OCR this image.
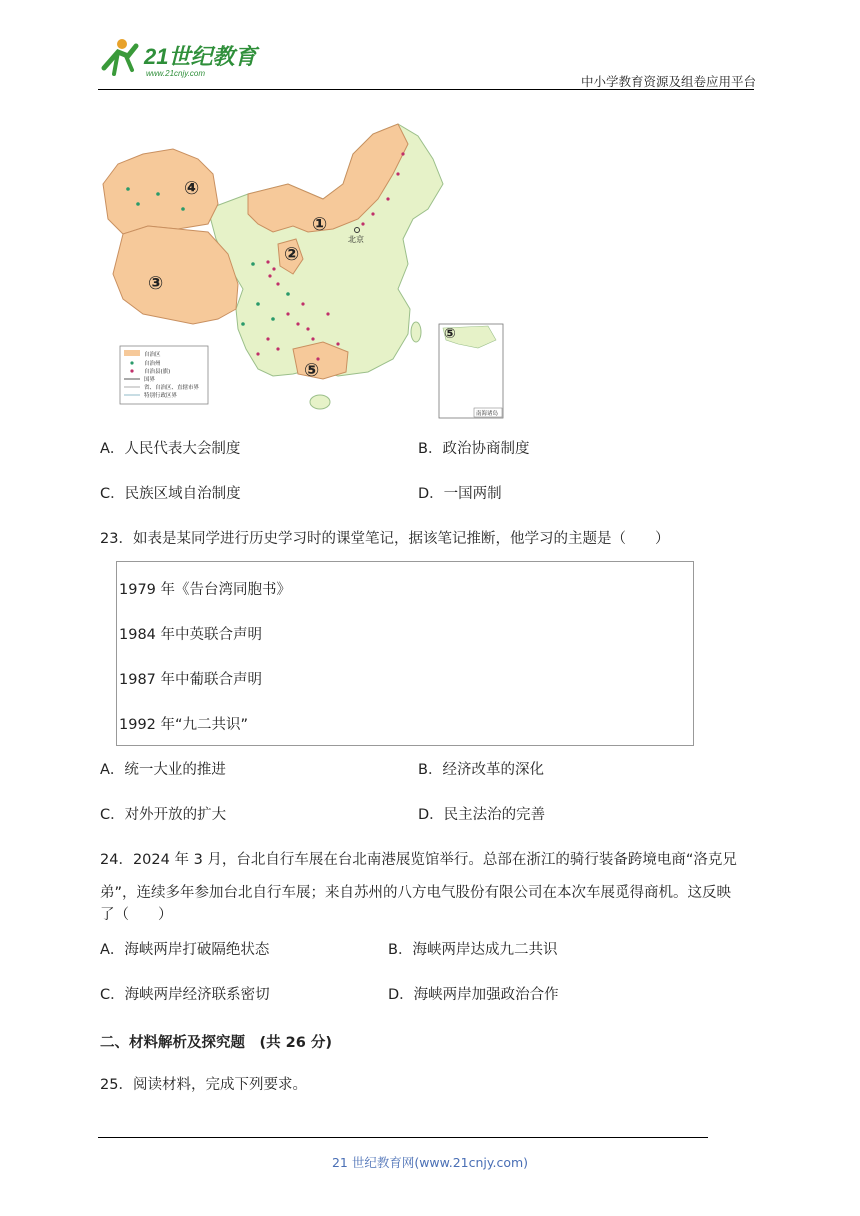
21世纪教育
www.21cnjy.com
中小学教育资源及组卷应用平台
①
②
③
④
⑤
北京
自治区
自治州
自治县(旗)
国界
省、自治区、直辖市界
特别行政区界
⑤
南海诸岛
A．人民代表大会制度	B．政治协商制度
C．民族区域自治制度	D．一国两制
23．如表是某同学进行历史学习时的课堂笔记，据该笔记推断，他学习的主题是（　　）
1979 年《告台湾同胞书》
1984 年中英联合声明
1987 年中葡联合声明
1992 年“九二共识”
A．统一大业的推进	B．经济改革的深化
C．对外开放的扩大	D．民主法治的完善
24．2024 年 3 月，台北自行车展在台北南港展览馆举行。总部在浙江的骑行装备跨境电商“洛克兄
弟”，连续多年参加台北自行车展；来自苏州的八方电气股份有限公司在本次车展觅得商机。这反映
了（　　）
A．海峡两岸打破隔绝状态	B．海峡两岸达成九二共识
C．海峡两岸经济联系密切	D．海峡两岸加强政治合作
二、材料解析及探究题　(共 26 分)
25．阅读材料，完成下列要求。
21 世纪教育网(www.21cnjy.com)
